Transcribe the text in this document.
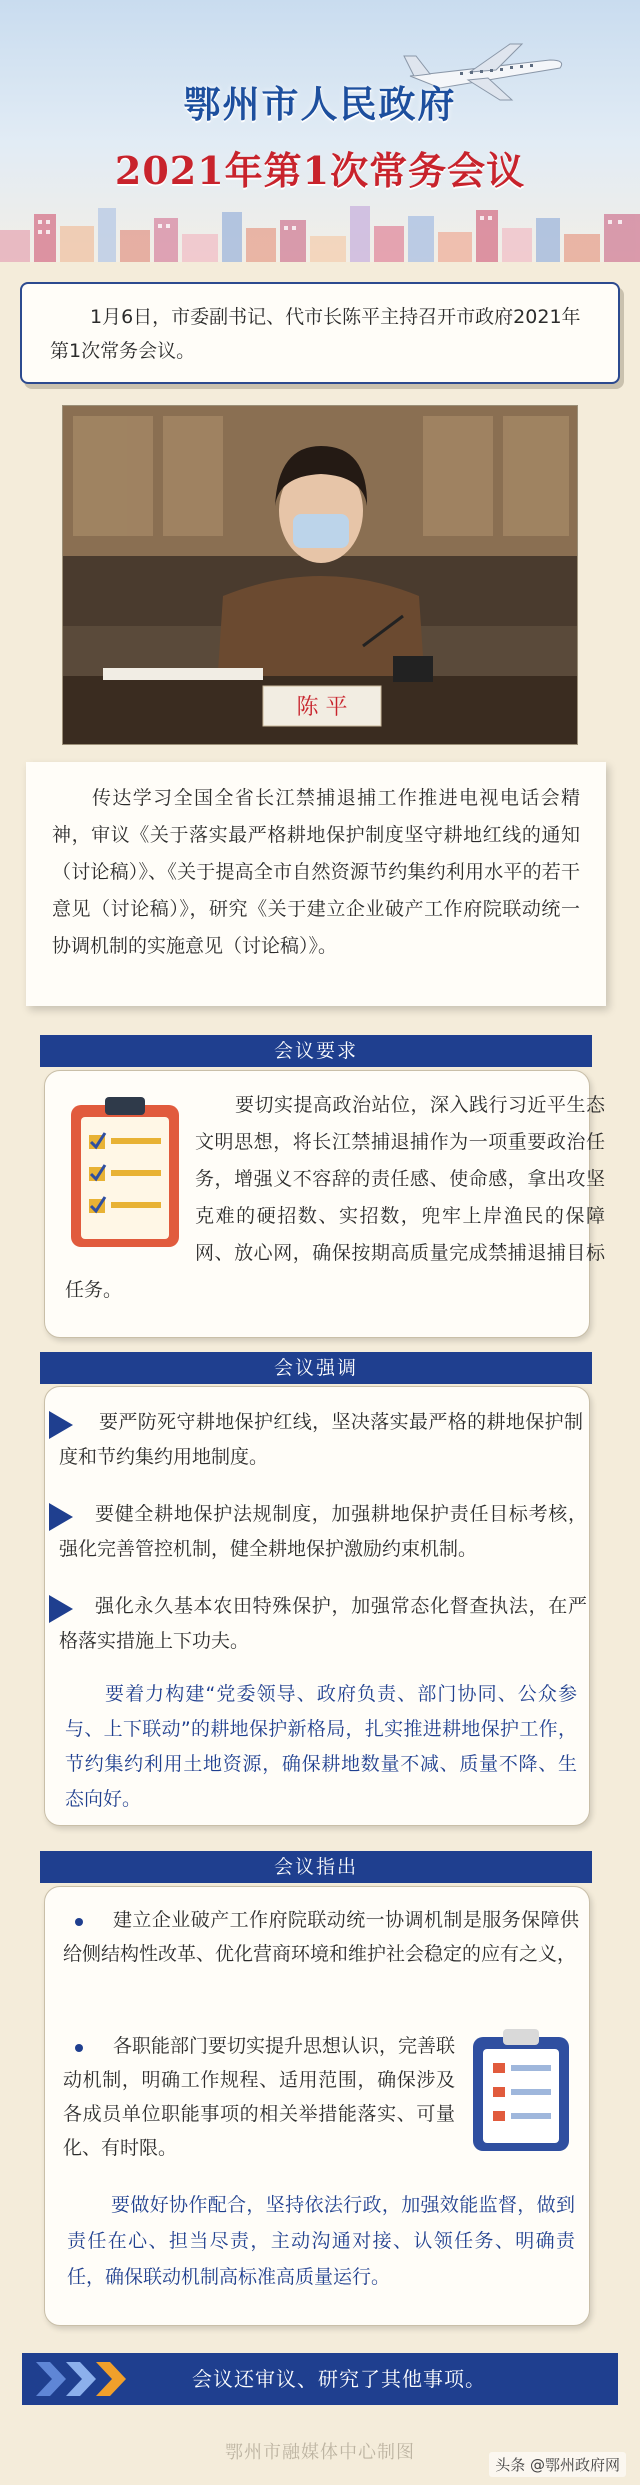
鄂州市人民政府
2021年第1次常务会议
1月6日，市委副书记、代市长陈平主持召开市政府2021年第1次常务会议。
陈 平
传达学习全国全省长江禁捕退捕工作推进电视电话会精神，审议《关于落实最严格耕地保护制度坚守耕地红线的通知（讨论稿）》、《关于提高全市自然资源节约集约利用水平的若干意见（讨论稿）》，研究《关于建立企业破产工作府院联动统一协调机制的实施意见（讨论稿）》。
会议要求
要切实提高政治站位，深入践行习近平生态文明思想，将长江禁捕退捕作为一项重要政治任务，增强义不容辞的责任感、使命感，拿出攻坚克难的硬招数、实招数，兜牢上岸渔民的保障网、放心网，确保按期高质量完成禁捕退捕目标任务。
会议强调
要严防死守耕地保护红线，坚决落实最严格的耕地保护制度和节约集约用地制度。
要健全耕地保护法规制度，加强耕地保护责任目标考核，强化完善管控机制，健全耕地保护激励约束机制。
强化永久基本农田特殊保护，加强常态化督查执法，在严格落实措施上下功夫。
要着力构建“党委领导、政府负责、部门协同、公众参与、上下联动”的耕地保护新格局，扎实推进耕地保护工作，节约集约利用土地资源，确保耕地数量不减、质量不降、生态向好。
会议指出
建立企业破产工作府院联动统一协调机制是服务保障供给侧结构性改革、优化营商环境和维护社会稳定的应有之义，
各职能部门要切实提升思想认识，完善联动机制，明确工作规程、适用范围，确保涉及各成员单位职能事项的相关举措能落实、可量化、有时限。
要做好协作配合，坚持依法行政，加强效能监督，做到责任在心、担当尽责，主动沟通对接、认领任务、明确责任，确保联动机制高标准高质量运行。
会议还审议、研究了其他事项。
鄂州市融媒体中心制图
头条 @鄂州政府网
